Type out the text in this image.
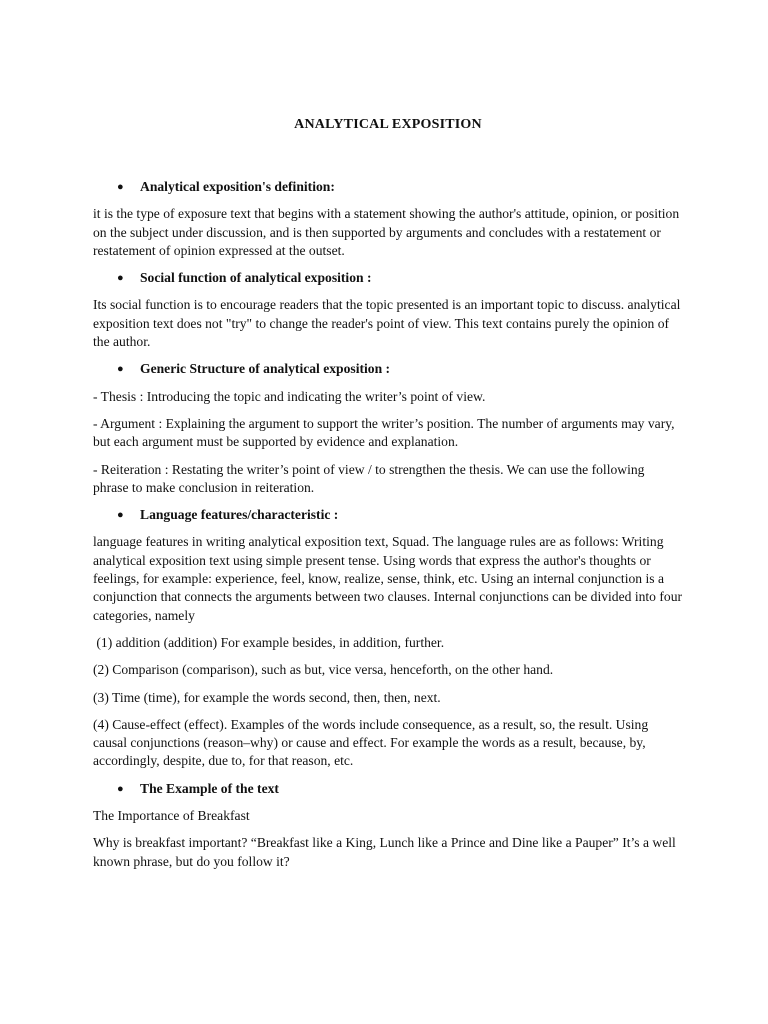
ANALYTICAL EXPOSITION
● Analytical exposition's definition:

it is the type of exposure text that begins with a statement showing the author's attitude, opinion, or position on the subject under discussion, and is then supported by arguments and concludes with a restatement or restatement of opinion expressed at the outset.

● Social function of analytical exposition :

Its social function is to encourage readers that the topic presented is an important topic to discuss. analytical exposition text does not "try" to change the reader's point of view. This text contains purely the opinion of the author.

● Generic Structure of analytical exposition :

- Thesis : Introducing the topic and indicating the writer’s point of view.

- Argument : Explaining the argument to support the writer’s position. The number of arguments may vary, but each argument must be supported by evidence and explanation.

- Reiteration : Restating the writer’s point of view / to strengthen the thesis. We can use the following phrase to make conclusion in reiteration.

● Language features/characteristic :

language features in writing analytical exposition text, Squad. The language rules are as follows: Writing analytical exposition text using simple present tense. Using words that express the author's thoughts or feelings, for example: experience, feel, know, realize, sense, think, etc. Using an internal conjunction is a conjunction that connects the arguments between two clauses. Internal conjunctions can be divided into four categories, namely

(1) addition (addition) For example besides, in addition, further.

(2) Comparison (comparison), such as but, vice versa, henceforth, on the other hand.

(3) Time (time), for example the words second, then, then, next.

(4) Cause-effect (effect). Examples of the words include consequence, as a result, so, the result. Using causal conjunctions (reason–why) or cause and effect. For example the words as a result, because, by, accordingly, despite, due to, for that reason, etc.

● The Example of the text

The Importance of Breakfast

Why is breakfast important? “Breakfast like a King, Lunch like a Prince and Dine like a Pauper” It’s a well known phrase, but do you follow it?
